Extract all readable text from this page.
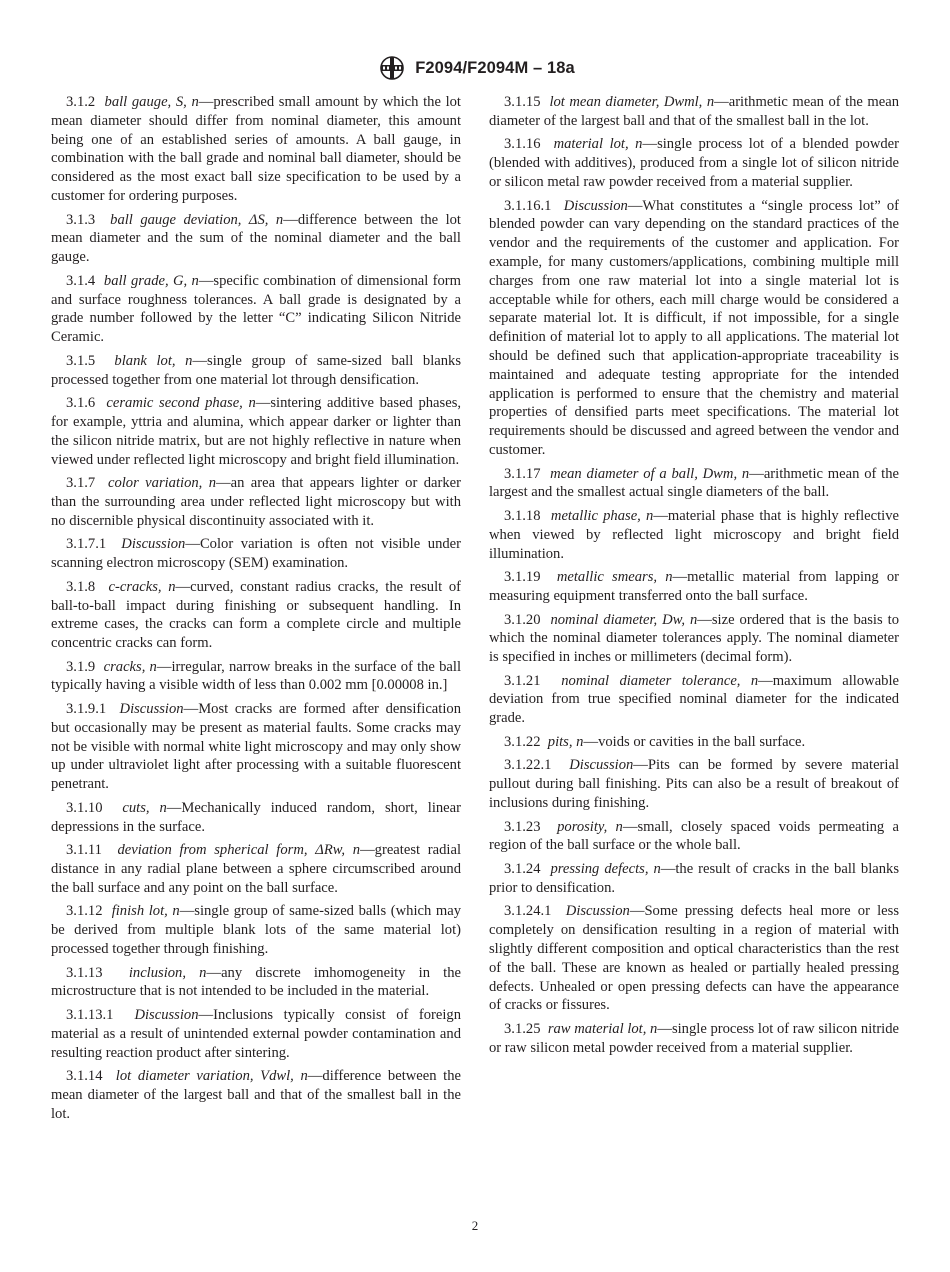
F2094/F2094M – 18a

3.1.2 ball gauge, S, n—prescribed small amount by which the lot mean diameter should differ from nominal diameter, this amount being one of an established series of amounts. A ball gauge, in combination with the ball grade and nominal ball diameter, should be considered as the most exact ball size specification to be used by a customer for ordering purposes.

3.1.3 ball gauge deviation, ΔS, n—difference between the lot mean diameter and the sum of the nominal diameter and the ball gauge.

3.1.4 ball grade, G, n—specific combination of dimensional form and surface roughness tolerances. A ball grade is designated by a grade number followed by the letter “C” indicating Silicon Nitride Ceramic.

3.1.5 blank lot, n—single group of same-sized ball blanks processed together from one material lot through densification.

3.1.6 ceramic second phase, n—sintering additive based phases, for example, yttria and alumina, which appear darker or lighter than the silicon nitride matrix, but are not highly reflective in nature when viewed under reflected light microscopy and bright field illumination.

3.1.7 color variation, n—an area that appears lighter or darker than the surrounding area under reflected light microscopy but with no discernible physical discontinuity associated with it.

3.1.7.1 Discussion—Color variation is often not visible under scanning electron microscopy (SEM) examination.

3.1.8 c-cracks, n—curved, constant radius cracks, the result of ball-to-ball impact during finishing or subsequent handling. In extreme cases, the cracks can form a complete circle and multiple concentric cracks can form.

3.1.9 cracks, n—irregular, narrow breaks in the surface of the ball typically having a visible width of less than 0.002 mm [0.00008 in.]

3.1.9.1 Discussion—Most cracks are formed after densification but occasionally may be present as material faults. Some cracks may not be visible with normal white light microscopy and may only show up under ultraviolet light after processing with a suitable fluorescent penetrant.

3.1.10 cuts, n—Mechanically induced random, short, linear depressions in the surface.

3.1.11 deviation from spherical form, ΔRw, n—greatest radial distance in any radial plane between a sphere circumscribed around the ball surface and any point on the ball surface.

3.1.12 finish lot, n—single group of same-sized balls (which may be derived from multiple blank lots of the same material lot) processed together through finishing.

3.1.13 inclusion, n—any discrete imhomogeneity in the microstructure that is not intended to be included in the material.

3.1.13.1 Discussion—Inclusions typically consist of foreign material as a result of unintended external powder contamination and resulting reaction product after sintering.

3.1.14 lot diameter variation, Vdwl, n—difference between the mean diameter of the largest ball and that of the smallest ball in the lot.

3.1.15 lot mean diameter, Dwml, n—arithmetic mean of the mean diameter of the largest ball and that of the smallest ball in the lot.

3.1.16 material lot, n—single process lot of a blended powder (blended with additives), produced from a single lot of silicon nitride or silicon metal raw powder received from a material supplier.

3.1.16.1 Discussion—What constitutes a “single process lot” of blended powder can vary depending on the standard practices of the vendor and the requirements of the customer and application. For example, for many customers/applications, combining multiple mill charges from one raw material lot into a single material lot is acceptable while for others, each mill charge would be considered a separate material lot. It is difficult, if not impossible, for a single definition of material lot to apply to all applications. The material lot should be defined such that application-appropriate traceability is maintained and adequate testing appropriate for the intended application is performed to ensure that the chemistry and material properties of densified parts meet specifications. The material lot requirements should be discussed and agreed between the vendor and customer.

3.1.17 mean diameter of a ball, Dwm, n—arithmetic mean of the largest and the smallest actual single diameters of the ball.

3.1.18 metallic phase, n—material phase that is highly reflective when viewed by reflected light microscopy and bright field illumination.

3.1.19 metallic smears, n—metallic material from lapping or measuring equipment transferred onto the ball surface.

3.1.20 nominal diameter, Dw, n—size ordered that is the basis to which the nominal diameter tolerances apply. The nominal diameter is specified in inches or millimeters (decimal form).

3.1.21 nominal diameter tolerance, n—maximum allowable deviation from true specified nominal diameter for the indicated grade.

3.1.22 pits, n—voids or cavities in the ball surface.

3.1.22.1 Discussion—Pits can be formed by severe material pullout during ball finishing. Pits can also be a result of breakout of inclusions during finishing.

3.1.23 porosity, n—small, closely spaced voids permeating a region of the ball surface or the whole ball.

3.1.24 pressing defects, n—the result of cracks in the ball blanks prior to densification.

3.1.24.1 Discussion—Some pressing defects heal more or less completely on densification resulting in a region of material with slightly different composition and optical characteristics than the rest of the ball. These are known as healed or partially healed pressing defects. Unhealed or open pressing defects can have the appearance of cracks or fissures.

3.1.25 raw material lot, n—single process lot of raw silicon nitride or raw silicon metal powder received from a material supplier.

2
